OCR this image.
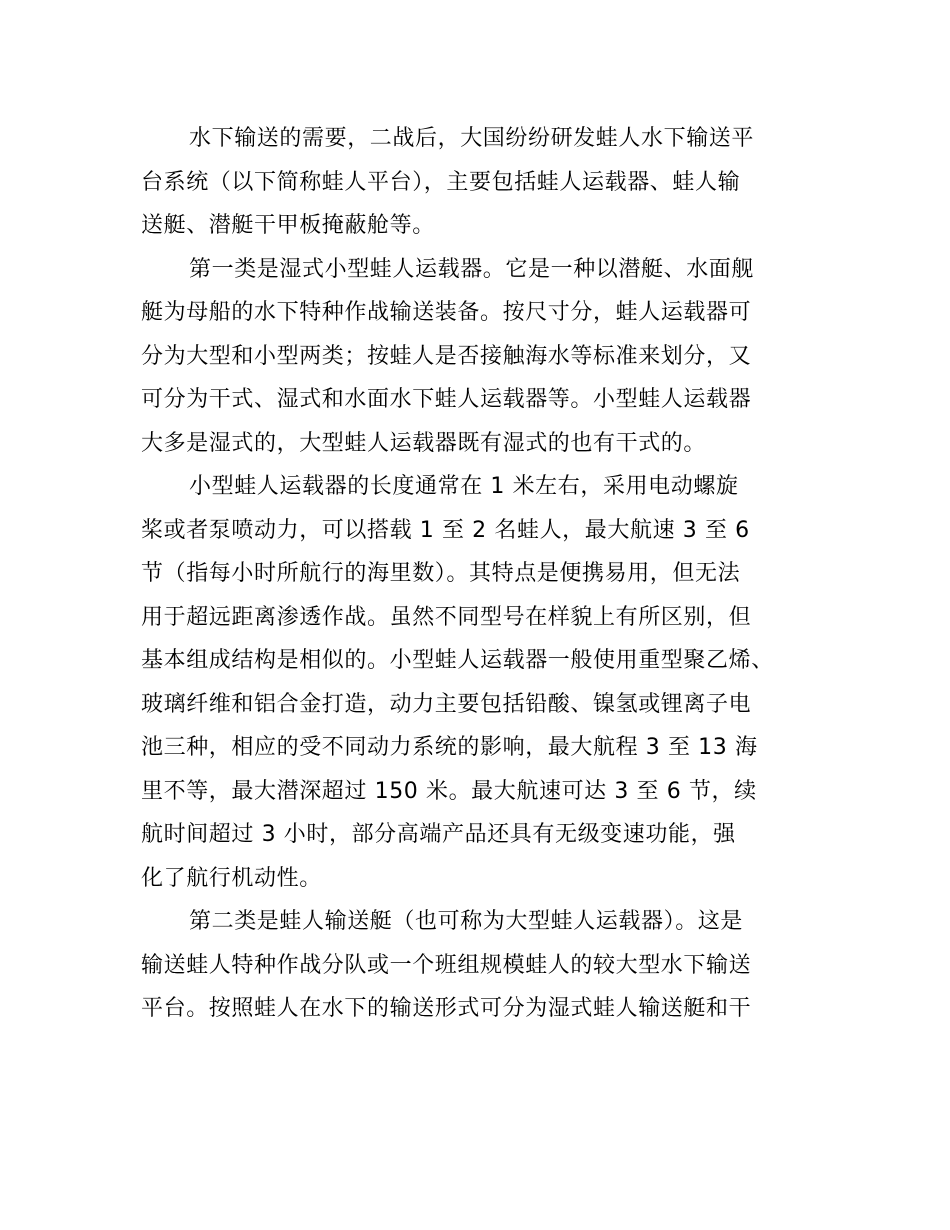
水下输送的需要，二战后，大国纷纷研发蛙人水下输送平
台系统（以下简称蛙人平台），主要包括蛙人运载器、蛙人输
送艇、潜艇干甲板掩蔽舱等。
第一类是湿式小型蛙人运载器。它是一种以潜艇、水面舰
艇为母船的水下特种作战输送装备。按尺寸分，蛙人运载器可
分为大型和小型两类；按蛙人是否接触海水等标准来划分，又
可分为干式、湿式和水面水下蛙人运载器等。小型蛙人运载器
大多是湿式的，大型蛙人运载器既有湿式的也有干式的。
小型蛙人运载器的长度通常在 1 米左右，采用电动螺旋
桨或者泵喷动力，可以搭载 1 至 2 名蛙人，最大航速 3 至 6
节（指每小时所航行的海里数）。其特点是便携易用，但无法
用于超远距离渗透作战。虽然不同型号在样貌上有所区别，但
基本组成结构是相似的。小型蛙人运载器一般使用重型聚乙烯、
玻璃纤维和铝合金打造，动力主要包括铅酸、镍氢或锂离子电
池三种，相应的受不同动力系统的影响，最大航程 3 至 13 海
里不等，最大潜深超过 150 米。最大航速可达 3 至 6 节，续
航时间超过 3 小时，部分高端产品还具有无级变速功能，强
化了航行机动性。
第二类是蛙人输送艇（也可称为大型蛙人运载器）。这是
输送蛙人特种作战分队或一个班组规模蛙人的较大型水下输送
平台。按照蛙人在水下的输送形式可分为湿式蛙人输送艇和干
